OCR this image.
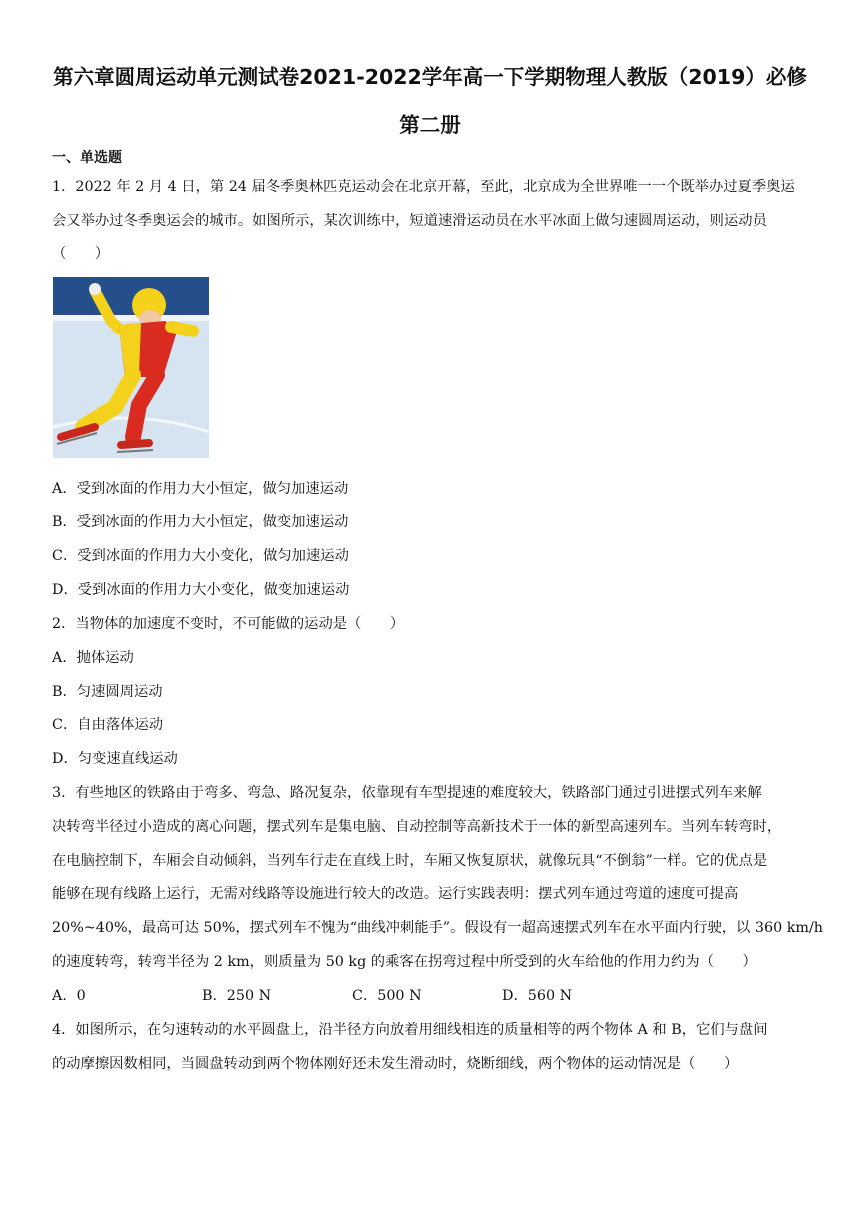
第六章圆周运动单元测试卷2021-2022学年高一下学期物理人教版（2019）必修
第二册
一、单选题
1．2022 年 2 月 4 日，第 24 届冬季奥林匹克运动会在北京开幕，至此，北京成为全世界唯一一个既举办过夏季奥运
会又举办过冬季奥运会的城市。如图所示，某次训练中，短道速滑运动员在水平冰面上做匀速圆周运动，则运动员
（　　）
A．受到冰面的作用力大小恒定，做匀加速运动
B．受到冰面的作用力大小恒定，做变加速运动
C．受到冰面的作用力大小变化，做匀加速运动
D．受到冰面的作用力大小变化，做变加速运动
2．当物体的加速度不变时，不可能做的运动是（　　）
A．抛体运动
B．匀速圆周运动
C．自由落体运动
D．匀变速直线运动
3．有些地区的铁路由于弯多、弯急、路况复杂，依靠现有车型提速的难度较大，铁路部门通过引进摆式列车来解
决转弯半径过小造成的离心问题，摆式列车是集电脑、自动控制等高新技术于一体的新型高速列车。当列车转弯时，
在电脑控制下，车厢会自动倾斜，当列车行走在直线上时，车厢又恢复原状，就像玩具“不倒翁”一样。它的优点是
能够在现有线路上运行，无需对线路等设施进行较大的改造。运行实践表明：摆式列车通过弯道的速度可提高
20%~40%，最高可达 50%，摆式列车不愧为“曲线冲刺能手”。假设有一超高速摆式列车在水平面内行驶，以 360 km/h
的速度转弯，转弯半径为 2 km，则质量为 50 kg 的乘客在拐弯过程中所受到的火车给他的作用力约为（　　）
A．0	B．250 N	C．500 N	D．560 N
4．如图所示，在匀速转动的水平圆盘上，沿半径方向放着用细线相连的质量相等的两个物体 A 和 B，它们与盘间
的动摩擦因数相同，当圆盘转动到两个物体刚好还未发生滑动时，烧断细线，两个物体的运动情况是（　　）
